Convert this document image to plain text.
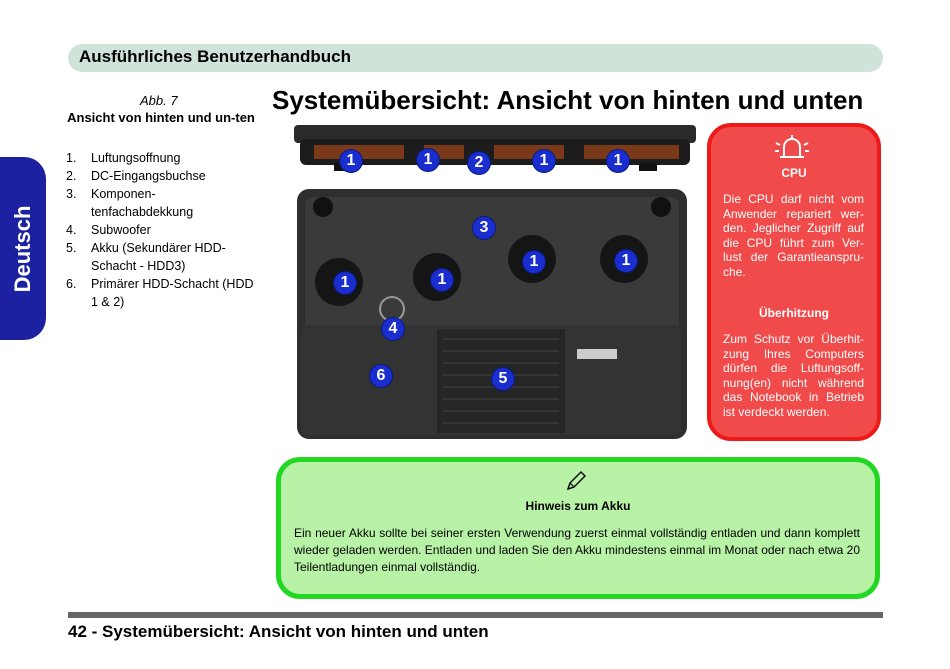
Ausführliches Benutzerhandbuch
Deutsch
Abb. 7
Ansicht von hinten und un-ten
1.	Luftungsoffnung
2.	DC-Eingangsbuchse
3.	Komponen-tenfachabdekkung
4.	Subwoofer
5.	Akku (Sekundärer HDD-Schacht - HDD3)
6.	Primärer HDD-Schacht (HDD 1 & 2)
Systemübersicht: Ansicht von hinten und unten
1	1	2	1	1
3
1	1
1	1
4
6	5
CPU
Die CPU darf nicht vom Anwender repariert wer-den. Jeglicher Zugriff auf die CPU führt zum Ver-lust der Garantieanspru-che.
Überhitzung
Zum Schutz vor Überhit-zung Ihres Computers dürfen die Luftungsoff-nung(en) nicht während das Notebook in Betrieb ist verdeckt werden.
Hinweis zum Akku
Ein neuer Akku sollte bei seiner ersten Verwendung zuerst einmal vollständig entladen und dann komplett wieder geladen werden. Entladen und laden Sie den Akku mindestens einmal im Monat oder nach etwa 20 Teilentladungen einmal vollständig.
42 - Systemübersicht: Ansicht von hinten und unten
